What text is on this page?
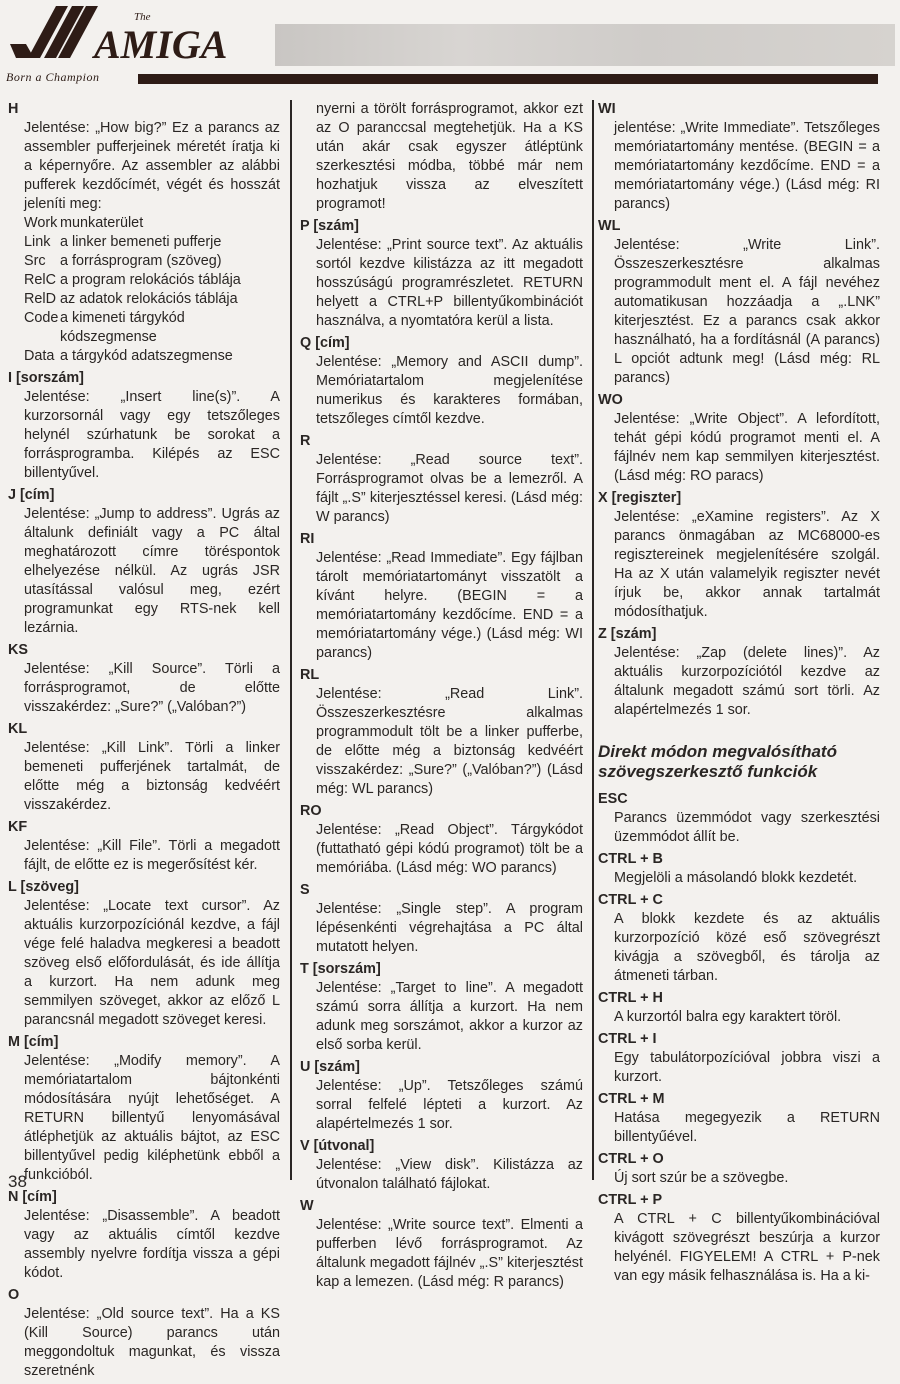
The
AMIGA
Born a Champion
H
Jelentése: „How big?” Ez a parancs az assembler pufferjeinek méretét íratja ki a képernyőre. Az assembler az alábbi pufferek kezdőcímét, végét és hosszát jeleníti meg:
Work munkaterület
Link a linker bemeneti pufferje
Src	a forrásprogram (szöveg)
RelC a program relokációs táblája
RelD az adatok relokációs táblája
Code a kimeneti tárgykód kódszegmense
Data a tárgykód adatszegmense
I [sorszám]
Jelentése: „Insert line(s)”. A kurzorsornál vagy egy tetszőleges helynél szúrhatunk be sorokat a forrásprogramba. Kilépés az ESC billentyűvel.
J [cím]
Jelentése: „Jump to address”. Ugrás az általunk definiált vagy a PC által meghatározott címre töréspontok elhelyezése nélkül. Az ugrás JSR utasítással valósul meg, ezért programunkat egy RTS-nek kell lezárnia.
KS
Jelentése: „Kill Source”. Törli a forrásprogramot, de előtte visszakérdez: „Sure?” („Valóban?”)
KL
Jelentése: „Kill Link”. Törli a linker bemeneti pufferjének tartalmát, de előtte még a biztonság kedvéért visszakérdez.
KF
Jelentése: „Kill File”. Törli a megadott fájlt, de előtte ez is megerősítést kér.
L [szöveg]
Jelentése: „Locate text cursor”. Az aktuális kurzorpozíciónál kezdve, a fájl vége felé haladva megkeresi a beadott szöveg első előfordulását, és ide állítja a kurzort. Ha nem adunk meg semmilyen szöveget, akkor az előző L parancsnál megadott szöveget keresi.
M [cím]
Jelentése: „Modify memory”. A memóriatartalom bájtonkénti módosítására nyújt lehetőséget. A RETURN billentyű lenyomásával átléphetjük az aktuális bájtot, az ESC billentyűvel pedig kiléphetünk ebből a funkcióból.
N [cím]
Jelentése: „Disassemble”. A beadott vagy az aktuális címtől kezdve assembly nyelvre fordítja vissza a gépi kódot.
O
Jelentése: „Old source text”. Ha a KS (Kill Source) parancs után meggondoltuk magunkat, és vissza szeretnénk
nyerni a törölt forrásprogramot, akkor ezt az O paranccsal megtehetjük. Ha a KS után akár csak egyszer átléptünk szerkesztési módba, többé már nem hozhatjuk vissza az elveszített programot!
P [szám]
Jelentése: „Print source text”. Az aktuális sortól kezdve kilistázza az itt megadott hosszúságú programrészletet. RETURN helyett a CTRL+P billentyűkombinációt használva, a nyomtatóra kerül a lista.
Q [cím]
Jelentése: „Memory and ASCII dump”. Memóriatartalom megjelenítése numerikus és karakteres formában, tetszőleges címtől kezdve.
R
Jelentése: „Read source text”. Forrásprogramot olvas be a lemezről. A fájlt „.S” kiterjesztéssel keresi. (Lásd még: W parancs)
RI
Jelentése: „Read Immediate”. Egy fájlban tárolt memóriatartományt visszatölt a kívánt helyre. (BEGIN = a memóriatartomány kezdőcíme. END = a memóriatartomány vége.) (Lásd még: WI parancs)
RL
Jelentése: „Read Link”. Összeszerkesztésre alkalmas programmodult tölt be a linker pufferbe, de előtte még a biztonság kedvéért visszakérdez: „Sure?” („Valóban?”) (Lásd még: WL parancs)
RO
Jelentése: „Read Object”. Tárgykódot (futtatható gépi kódú programot) tölt be a memóriába. (Lásd még: WO parancs)
S
Jelentése: „Single step”. A program lépésenkénti végrehajtása a PC által mutatott helyen.
T [sorszám]
Jelentése: „Target to line”. A megadott számú sorra állítja a kurzort. Ha nem adunk meg sorszámot, akkor a kurzor az első sorba kerül.
U [szám]
Jelentése: „Up”. Tetszőleges számú sorral felfelé lépteti a kurzort. Az alapértelmezés 1 sor.
V [útvonal]
Jelentése: „View disk”. Kilistázza az útvonalon található fájlokat.
W
Jelentése: „Write source text”. Elmenti a pufferben lévő forrásprogramot. Az általunk megadott fájlnév „.S” kiterjesztést kap a lemezen. (Lásd még: R parancs)
WI
jelentése: „Write Immediate”. Tetszőleges memóriatartomány mentése. (BEGIN = a memóriatartomány kezdőcíme. END = a memóriatartomány vége.) (Lásd még: RI parancs)
WL
Jelentése: „Write Link”. Összeszerkesztésre alkalmas programmodult ment el. A fájl nevéhez automatikusan hozzáadja a „.LNK” kiterjesztést. Ez a parancs csak akkor használható, ha a fordításnál (A parancs) L opciót adtunk meg! (Lásd még: RL parancs)
WO
Jelentése: „Write Object”. A lefordított, tehát gépi kódú programot menti el. A fájlnév nem kap semmilyen kiterjesztést. (Lásd még: RO paracs)
X [regiszter]
Jelentése: „eXamine registers”. Az X parancs önmagában az MC68000-es regisztereinek megjelenítésére szolgál. Ha az X után valamelyik regiszter nevét írjuk be, akkor annak tartalmát módosíthatjuk.
Z [szám]
Jelentése: „Zap (delete lines)”. Az aktuális kurzorpozíciótól kezdve az általunk megadott számú sort törli. Az alapértelmezés 1 sor.
Direkt módon megvalósítható szövegszerkesztő funkciók
ESC
Parancs üzemmódot vagy szerkesztési üzemmódot állít be.
CTRL + B
Megjelöli a másolandó blokk kezdetét.
CTRL + C
A blokk kezdete és az aktuális kurzorpozíció közé eső szövegrészt kivágja a szövegből, és tárolja az átmeneti tárban.
CTRL + H
A kurzortól balra egy karaktert töröl.
CTRL + I
Egy tabulátorpozícióval jobbra viszi a kurzort.
CTRL + M
Hatása megegyezik a RETURN billentyűével.
CTRL + O
Új sort szúr be a szövegbe.
CTRL + P
A CTRL + C billentyűkombinációval kivágott szövegrészt beszúrja a kurzor helyénél. FIGYELEM! A CTRL + P-nek van egy másik felhasználása is. Ha a ki-
38
